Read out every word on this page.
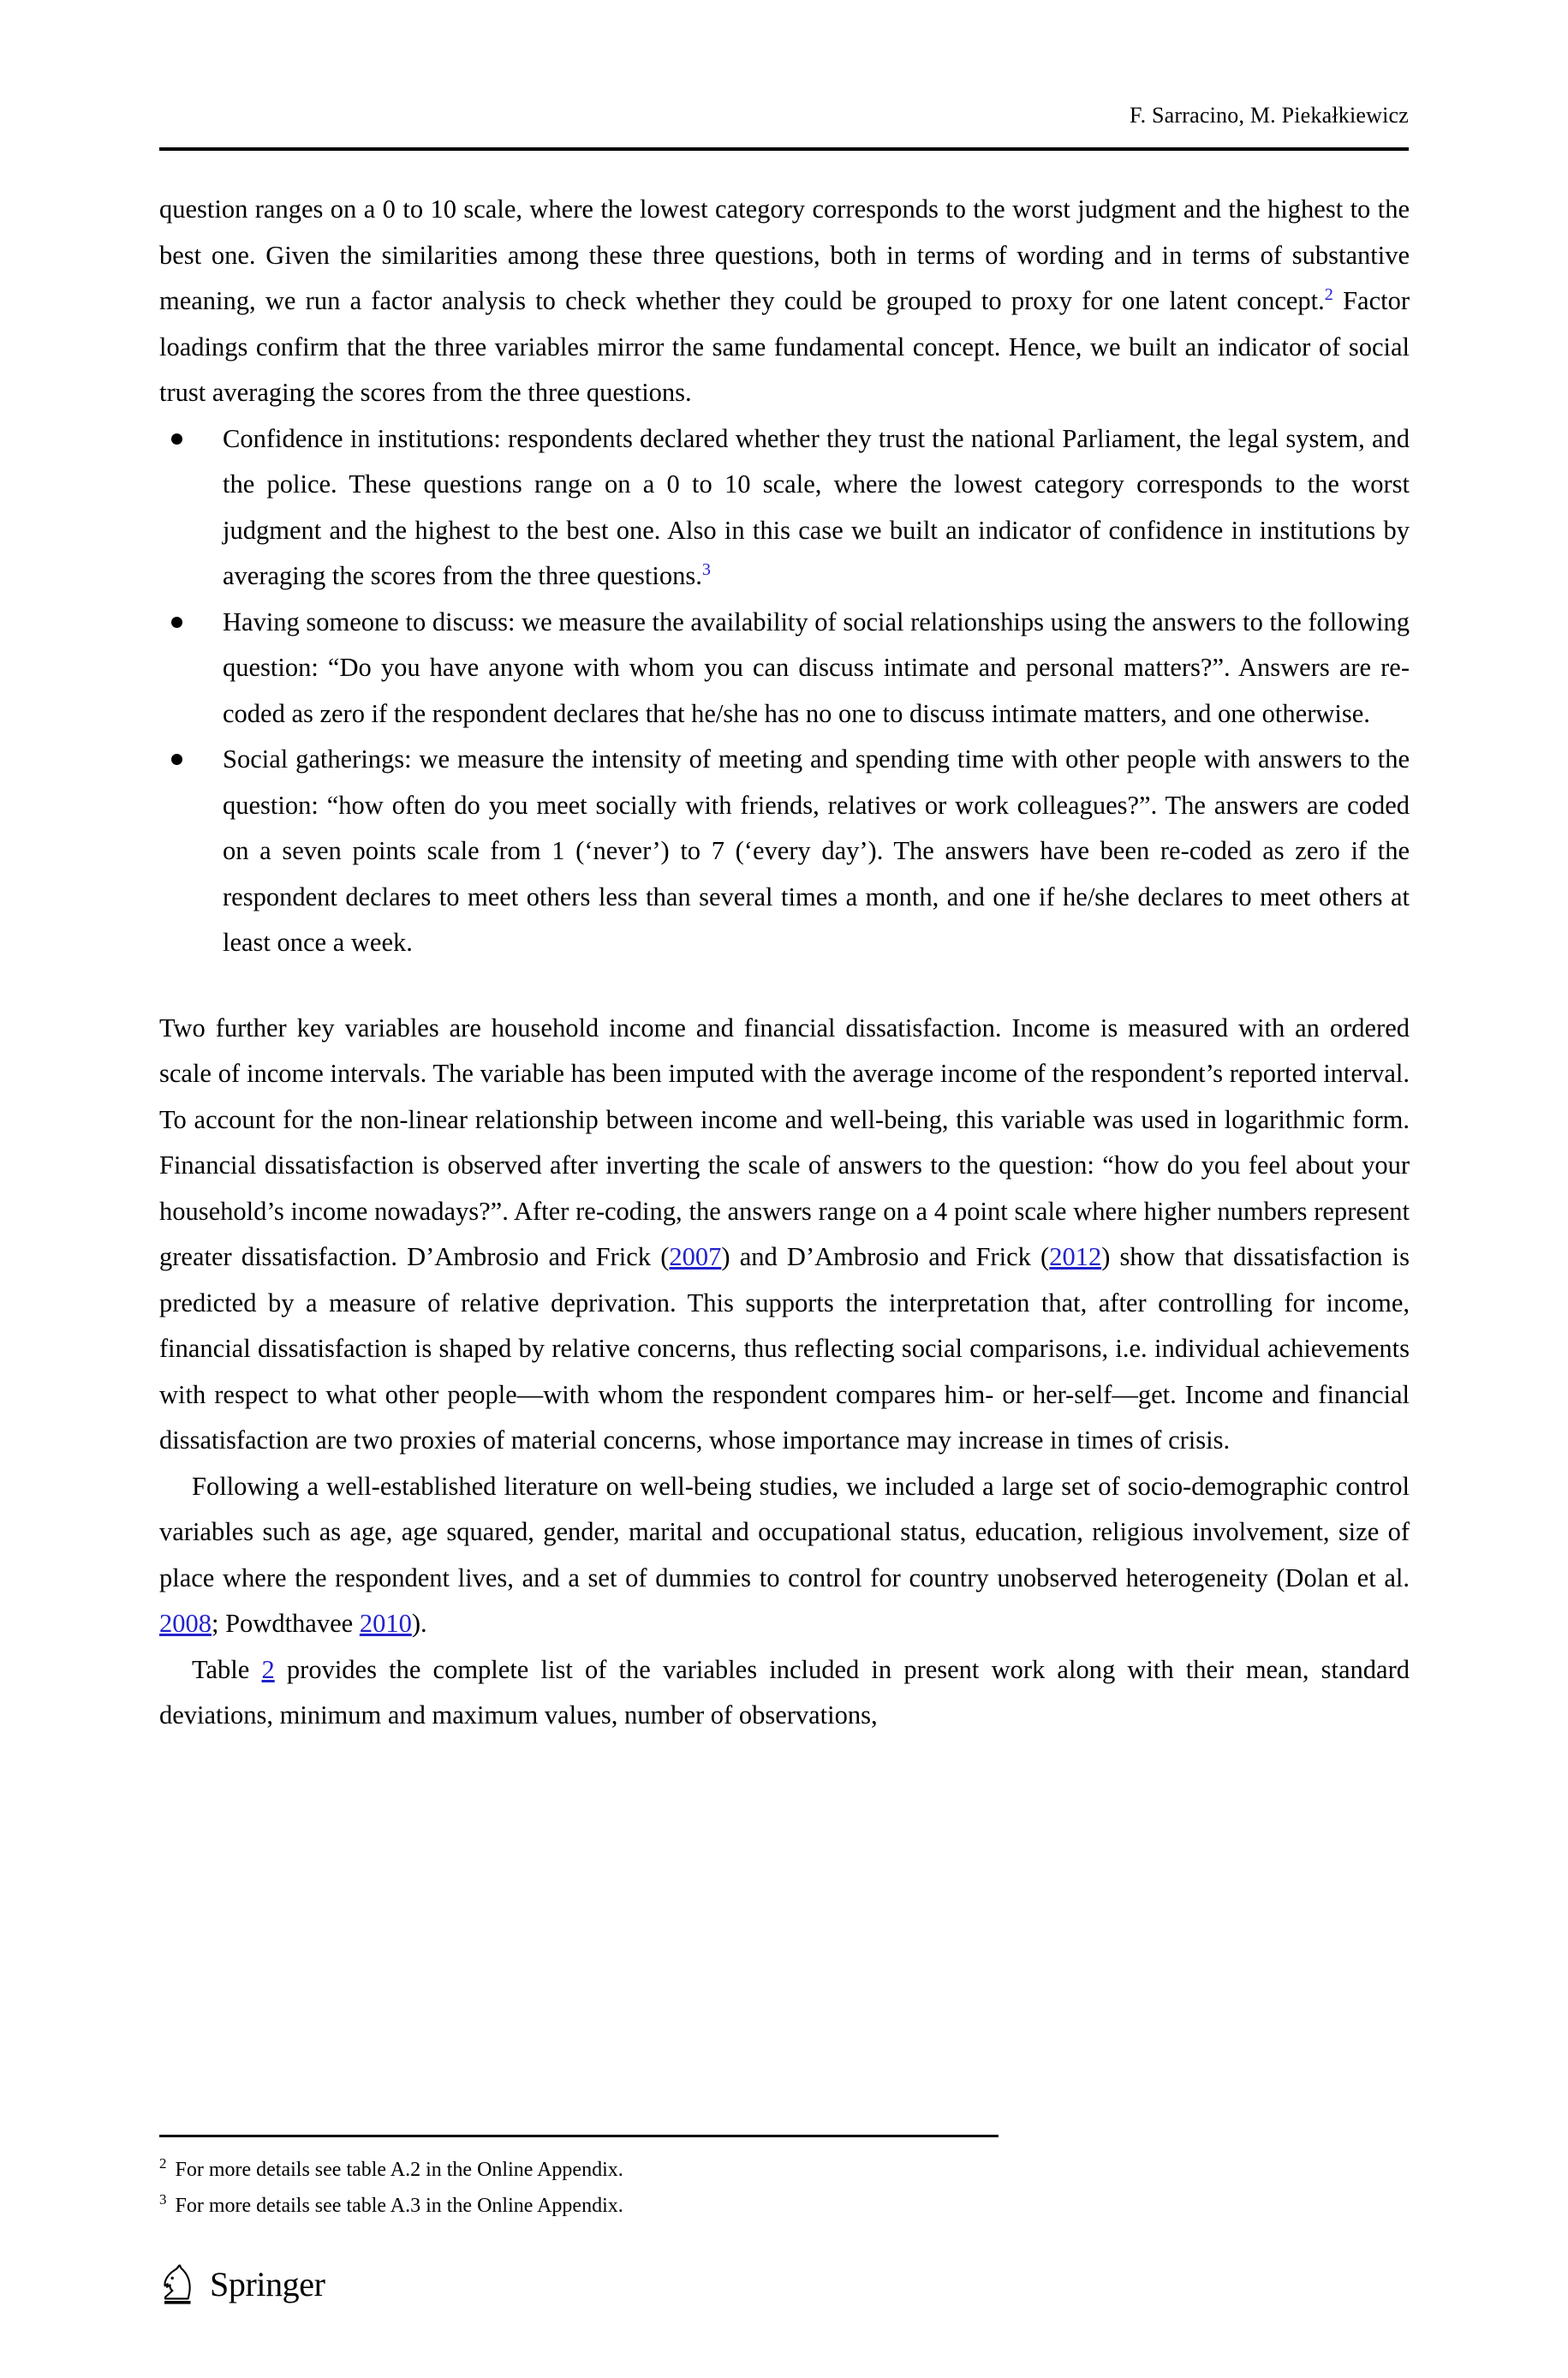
F. Sarracino, M. Piekałkiewicz

question ranges on a 0 to 10 scale, where the lowest category corresponds to the worst judgment and the highest to the best one. Given the similarities among these three questions, both in terms of wording and in terms of substantive meaning, we run a factor analysis to check whether they could be grouped to proxy for one latent concept.$^2$ Factor loadings confirm that the three variables mirror the same fundamental concept. Hence, we built an indicator of social trust averaging the scores from the three questions.

Confidence in institutions: respondents declared whether they trust the national Parliament, the legal system, and the police. These questions range on a 0 to 10 scale, where the lowest category corresponds to the worst judgment and the highest to the best one. Also in this case we built an indicator of confidence in institutions by averaging the scores from the three questions.$^3$
Having someone to discuss: we measure the availability of social relationships using the answers to the following question: “Do you have anyone with whom you can discuss intimate and personal matters?”. Answers are re-coded as zero if the respondent declares that he/she has no one to discuss intimate matters, and one otherwise.
Social gatherings: we measure the intensity of meeting and spending time with other people with answers to the question: “how often do you meet socially with friends, relatives or work colleagues?”. The answers are coded on a seven points scale from 1 (‘never’) to 7 (‘every day’). The answers have been re-coded as zero if the respondent declares to meet others less than several times a month, and one if he/she declares to meet others at least once a week.

Two further key variables are household income and financial dissatisfaction. Income is measured with an ordered scale of income intervals. The variable has been imputed with the average income of the respondent’s reported interval. To account for the non-linear relationship between income and well-being, this variable was used in logarithmic form. Financial dissatisfaction is observed after inverting the scale of answers to the question: “how do you feel about your household’s income nowadays?”. After re-coding, the answers range on a 4 point scale where higher numbers represent greater dissatisfaction. D’Ambrosio and Frick (2007) and D’Ambrosio and Frick (2012) show that dissatisfaction is predicted by a measure of relative deprivation. This supports the interpretation that, after controlling for income, financial dissatisfaction is shaped by relative concerns, thus reflecting social comparisons, i.e. individual achievements with respect to what other people—with whom the respondent compares him- or her-self—get. Income and financial dissatisfaction are two proxies of material concerns, whose importance may increase in times of crisis.

Following a well-established literature on well-being studies, we included a large set of socio-demographic control variables such as age, age squared, gender, marital and occupational status, education, religious involvement, size of place where the respondent lives, and a set of dummies to control for country unobserved heterogeneity (Dolan et al. 2008; Powdthavee 2010).

Table 2 provides the complete list of the variables included in present work along with their mean, standard deviations, minimum and maximum values, number of observations,

$^2$ For more details see table A.2 in the Online Appendix.
$^3$ For more details see table A.3 in the Online Appendix.
Springer
